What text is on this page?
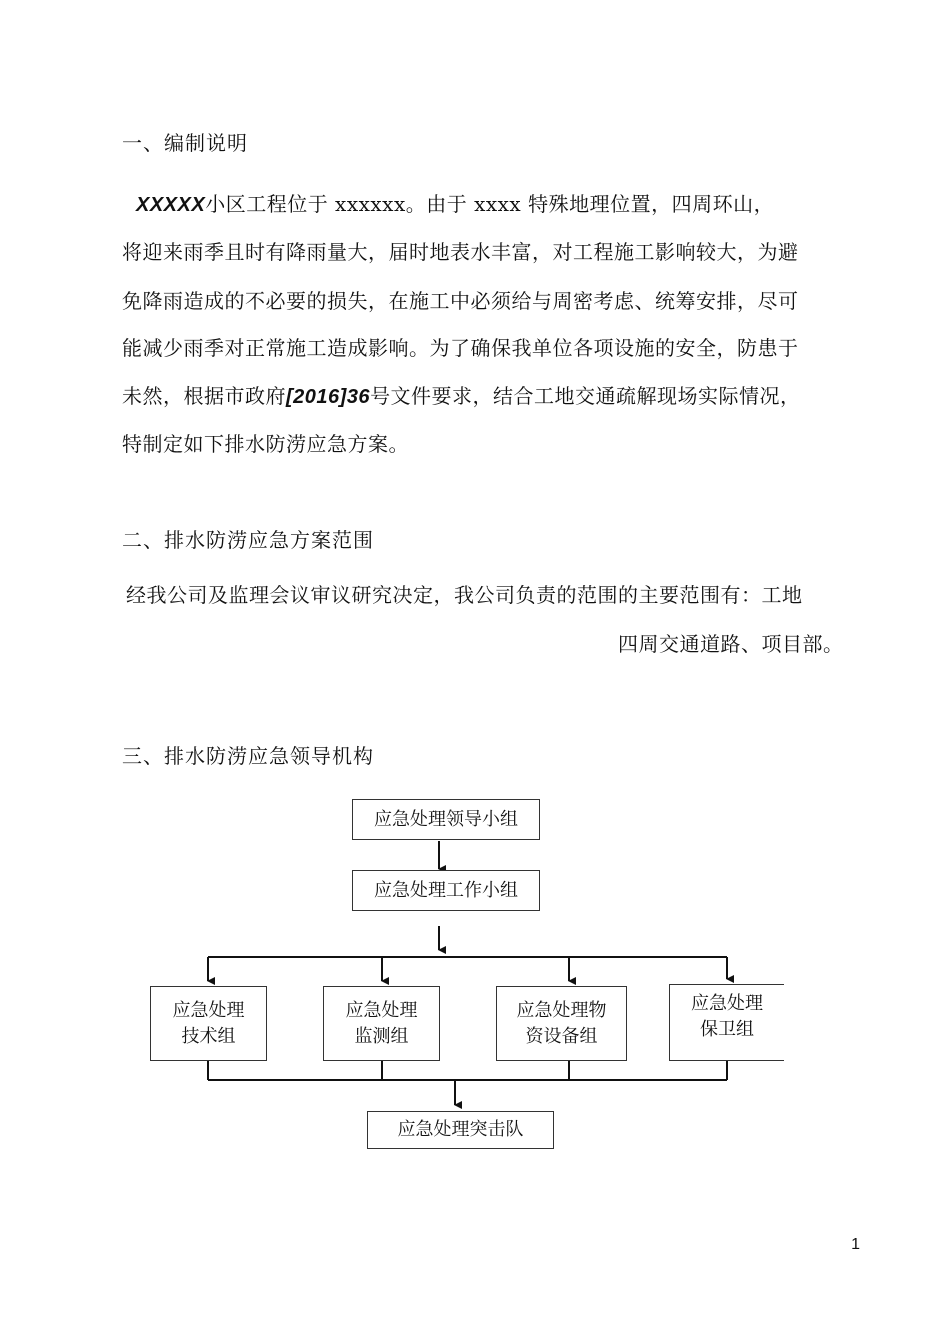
一、编制说明
XXXXX小区工程位于 xxxxxx。由于 xxxx 特殊地理位置，四周环山，
将迎来雨季且时有降雨量大，届时地表水丰富，对工程施工影响较大，为避
免降雨造成的不必要的损失，在施工中必须给与周密考虑、统筹安排，尽可
能减少雨季对正常施工造成影响。为了确保我单位各项设施的安全，防患于
未然，根据市政府[2016]36号文件要求，结合工地交通疏解现场实际情况，
特制定如下排水防涝应急方案。
二、排水防涝应急方案范围
经我公司及监理会议审议研究决定，我公司负责的范围的主要范围有：工地
四周交通道路、项目部。
三、排水防涝应急领导机构
应急处理领导小组
应急处理工作小组
应急处理
技术组
应急处理
监测组
应急处理物
资设备组
应急处理
保卫组
应急处理突击队
1
